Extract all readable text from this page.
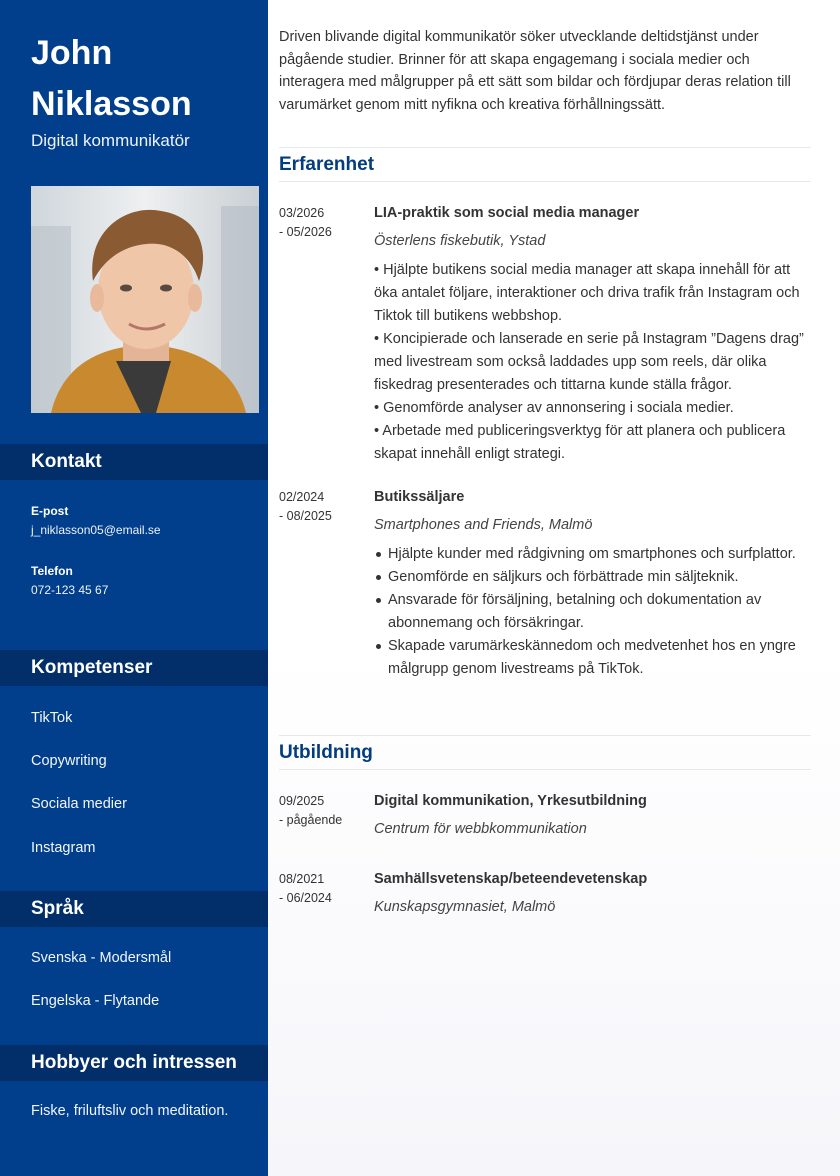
John
Niklasson
Digital kommunikatör
Kontakt
E-post
j_niklasson05@email.se
Telefon
072-123 45 67
Kompetenser
TikTok
Copywriting
Sociala medier
Instagram
Språk
Svenska - Modersmål
Engelska - Flytande
Hobbyer och intressen
Fiske, friluftsliv och meditation.
Driven blivande digital kommunikatör söker utvecklande deltidstjänst under pågående studier. Brinner för att skapa engagemang i sociala medier och interagera med målgrupper på ett sätt som bildar och fördjupar deras relation till varumärket genom mitt nyfikna och kreativa förhållningssätt.
Erfarenhet
03/2026
- 05/2026
LIA-praktik som social media manager
Österlens fiskebutik, Ystad
• Hjälpte butikens social media manager att skapa innehåll för att öka antalet följare, interaktioner och driva trafik från Instagram och Tiktok till butikens webbshop.
• Koncipierade och lanserade en serie på Instagram ”Dagens drag” med livestream som också laddades upp som reels, där olika fiskedrag presenterades och tittarna kunde ställa frågor.
• Genomförde analyser av annonsering i sociala medier.
• Arbetade med publiceringsverktyg för att planera och publicera skapat innehåll enligt strategi.
02/2024
- 08/2025
Butikssäljare
Smartphones and Friends, Malmö
Hjälpte kunder med rådgivning om smartphones och surfplattor.
Genomförde en säljkurs och förbättrade min säljteknik.
Ansvarade för försäljning, betalning och dokumentation av abonnemang och försäkringar.
Skapade varumärkeskännedom och medvetenhet hos en yngre målgrupp genom livestreams på TikTok.
Utbildning
09/2025
- pågående
Digital kommunikation, Yrkesutbildning
Centrum för webbkommunikation
08/2021
- 06/2024
Samhällsvetenskap/beteendevetenskap
Kunskapsgymnasiet, Malmö
